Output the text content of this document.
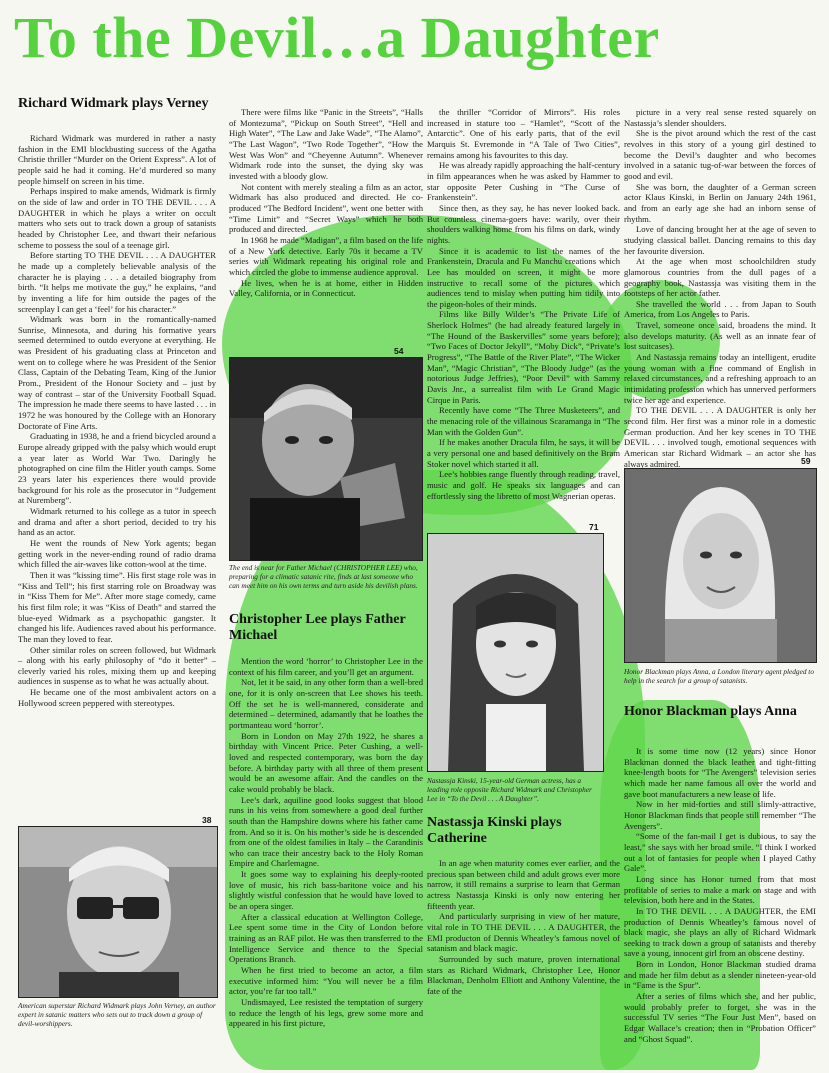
To the Devil…a Daughter
Richard Widmark plays Verney

Richard Widmark was murdered in rather a nasty fashion in the EMI blockbusting success of the Agatha Christie thriller “Murder on the Orient Express”. A lot of people said he had it coming. He’d murdered so many people himself on screen in his time.

Perhaps inspired to make amends, Widmark is firmly on the side of law and order in TO THE DEVIL . . . A DAUGHTER in which he plays a writer on occult matters who sets out to track down a group of satanists headed by Christopher Lee, and thwart their nefarious scheme to possess the soul of a teenage girl.

Before starting TO THE DEVIL . . . A DAUGHTER he made up a completely believable analysis of the character he is playing . . . a detailed biography from birth. “It helps me motivate the guy,” he explains, “and by inventing a life for him outside the pages of the screenplay I can get a ‘feel’ for his character.”

Widmark was born in the romantically-named Sunrise, Minnesota, and during his formative years seemed determined to outdo everyone at everything. He was President of his graduating class at Princeton and went on to college where he was President of the Senior Class, Captain of the Debating Team, King of the Junior Prom., President of the Honour Society and – just by way of contrast – star of the University Football Squad. The impression he made there seems to have lasted . . . in 1972 he was honoured by the College with an Honorary Doctorate of Fine Arts.

Graduating in 1938, he and a friend bicycled around a Europe already gripped with the palsy which would erupt a year later as World War Two. Daringly he photographed on cine film the Hitler youth camps. Some 23 years later his experiences there would provide background for his role as the prosecutor in “Judgement at Nuremberg”.

Widmark returned to his college as a tutor in speech and drama and after a short period, decided to try his hand as an actor.

He went the rounds of New York agents; began getting work in the never-ending round of radio drama which filled the air-waves like cotton-wool at the time.

Then it was “kissing time”. His first stage role was in “Kiss and Tell”; his first starring role on Broadway was in “Kiss Them for Me”. After more stage comedy, came his first film role; it was “Kiss of Death” and starred the blue-eyed Widmark as a psychopathic gangster. It changed his life. Audiences raved about his performance. The man they loved to fear.

Other similar roles on screen followed, but Widmark – along with his early philosophy of “do it better” – cleverly varied his roles, mixing them up and keeping audiences in suspense as to what he was actually about.

He became one of the most ambivalent actors on a Hollywood screen peppered with stereotypes.

38
American superstar Richard Widmark plays John Verney, an author expert in satanic matters who sets out to track down a group of devil-worshippers.

There were films like “Panic in the Streets”, “Halls of Montezuma”, “Pickup on South Street”, “Hell and High Water”, “The Law and Jake Wade”, “The Alamo”, “The Last Wagon”, “Two Rode Together”, “How the West Was Won” and “Cheyenne Autumn”. Whenever Widmark rode into the sunset, the dying sky was invested with a bloody glow.

Not content with merely stealing a film as an actor, Widmark has also produced and directed. He co-produced “The Bedford Incident”, went one better with “Time Limit” and “Secret Ways” which he both produced and directed.

In 1968 he made “Madigan”, a film based on the life of a New York detective. Early 70s it became a TV series with Widmark repeating his original role and which circled the globe to immense audience approval.

He lives, when he is at home, either in Hidden Valley, California, or in Connecticut.

54
The end is near for Father Michael (CHRISTOPHER LEE) who, preparing for a climatic satanic rite, finds at last someone who can meet him on his own terms and turn aside his devilish plans.
Christopher Lee plays Father Michael

Mention the word ‘horror’ to Christopher Lee in the context of his film career, and you’ll get an argument.

Not, let it be said, in any other form than a well-bred one, for it is only on-screen that Lee shows his teeth. Off the set he is well-mannered, considerate and determined – determined, adamantly that he loathes the portmanteau word ‘horror’.

Born in London on May 27th 1922, he shares a birthday with Vincent Price. Peter Cushing, a well-loved and respected contemporary, was born the day before. A birthday party with all three of them present would be an awesome affair. And the candles on the cake would probably be black.

Lee’s dark, aquiline good looks suggest that blood runs in his veins from somewhere a good deal further south than the Hampshire downs where his father came from. And so it is. On his mother’s side he is descended from one of the oldest families in Italy – the Carandinis who can trace their ancestry back to the Holy Roman Empire and Charlemagne.

It goes some way to explaining his deeply-rooted love of music, his rich bass-baritone voice and his slightly wistful confession that he would have loved to be an opera singer.

After a classical education at Wellington College, Lee spent some time in the City of London before training as an RAF pilot. He was then transferred to the Intelligence Service and thence to the Special Operations Branch.

When he first tried to become an actor, a film executive informed him: “You will never be a film actor, you’re far too tall.”

Undismayed, Lee resisted the temptation of surgery to reduce the length of his legs, grew some more and appeared in his first picture,

the thriller “Corridor of Mirrors”. His roles increased in stature too – “Hamlet”, “Scott of the Antarctic”. One of his early parts, that of the evil Marquis St. Evremonde in “A Tale of Two Cities”, remains among his favourites to this day.

He was already rapidly approaching the half-century in film appearances when he was asked by Hammer to star opposite Peter Cushing in “The Curse of Frankenstein”.

Since then, as they say, he has never looked back. But countless cinema-goers have: warily, over their shoulders walking home from his films on dark, windy nights.

Since it is academic to list the names of the Frankenstein, Dracula and Fu Manchu creations which Lee has moulded on screen, it might be more instructive to recall some of the pictures which audiences tend to mislay when putting him tidily into the pigeon-holes of their minds.

Films like Billy Wilder’s “The Private Life of Sherlock Holmes” (he had already featured largely in “The Hound of the Baskervilles” some years before); “Two Faces of Doctor Jekyll”, “Moby Dick”, “Private’s Progress”, “The Battle of the River Plate”, “The Wicker Man”, “Magic Christian”, “The Bloody Judge” (as the notorious Judge Jeffries), “Poor Devil” with Sammy Davis Jnr., a surrealist film with Le Grand Magic Cirque in Paris.

Recently have come “The Three Musketeers”, and the menacing role of the villainous Scaramanga in “The Man with the Golden Gun”.

If he makes another Dracula film, he says, it will be a very personal one and based definitively on the Bram Stoker novel which started it all.

Lee’s hobbies range fluently through reading, travel, music and golf. He speaks six languages and can effortlessly sing the libretto of most Wagnerian operas.

71
Nastassja Kinski, 15-year-old German actress, has a leading role opposite Richard Widmark and Christopher Lee in “To the Devil . . . A Daughter”.
Nastassja Kinski plays Catherine

In an age when maturity comes ever earlier, and the precious span between child and adult grows ever more narrow, it still remains a surprise to learn that German actress Nastassja Kinski is only now entering her fifteenth year.

And particularly surprising in view of her mature, vital role in TO THE DEVIL . . . A DAUGHTER, the EMI producton of Dennis Wheatley’s famous novel of satanism and black magic.

Surrounded by such mature, proven international stars as Richard Widmark, Christopher Lee, Honor Blackman, Denholm Elliott and Anthony Valentine, the fate of the

picture in a very real sense rested squarely on Nastassja’s slender shoulders.

She is the pivot around which the rest of the cast revolves in this story of a young girl destined to become the Devil’s daughter and who becomes involved in a satanic tug-of-war between the forces of good and evil.

She was born, the daughter of a German screen actor Klaus Kinski, in Berlin on January 24th 1961, and from an early age she had an inborn sense of rhythm.

Love of dancing brought her at the age of seven to studying classical ballet. Dancing remains to this day her favourite diversion.

At the age when most schoolchildren study glamorous countries from the dull pages of a geography book, Nastassja was visiting them in the footsteps of her actor father.

She travelled the world . . . from Japan to South America, from Los Angeles to Paris.

Travel, someone once said, broadens the mind. It also develops maturity. (As well as an innate fear of lost suitcases).

And Nastassja remains today an intelligent, erudite young woman with a fine command of English in relaxed circumstances, and a refreshing approach to an intimidating profession which has unnerved performers twice her age and experience.

TO THE DEVIL . . . A DAUGHTER is only her second film. Her first was a minor role in a domestic German production. And her key scenes in TO THE DEVIL . . . involved tough, emotional sequences with American star Richard Widmark – an actor she has always admired.	59
Honor Blackman plays Anna, a London literary agent pledged to help in the search for a group of satanists.
Honor Blackman plays Anna

It is some time now (12 years) since Honor Blackman donned the black leather and tight-fitting knee-length boots for “The Avengers” television series which made her name famous all over the world and gave boot manufacturers a new lease of life.

Now in her mid-forties and still slimly-attractive, Honor Blackman finds that people still remember “The Avengers”.

“Some of the fan-mail I get is dubious, to say the least,” she says with her broad smile. “I think I worked out a lot of fantasies for people when I played Cathy Gale”.

Long since has Honor turned from that most profitable of series to make a mark on stage and with television, both here and in the States.

In TO THE DEVIL . . . A DAUGHTER, the EMI production of Dennis Wheatley’s famous novel of black magic, she plays an ally of Richard Widmark seeking to track down a group of satanists and thereby save a young, innocent girl from an obscene destiny.

Born in London, Honor Blackman studied drama and made her film debut as a slender nineteen-year-old in “Fame is the Spur”.

After a series of films which she, and her public, would probably prefer to forget, she was in the successful TV series “The Four Just Men”, based on Edgar Wallace’s creation; then in “Probation Officer” and “Ghost Squad”.
